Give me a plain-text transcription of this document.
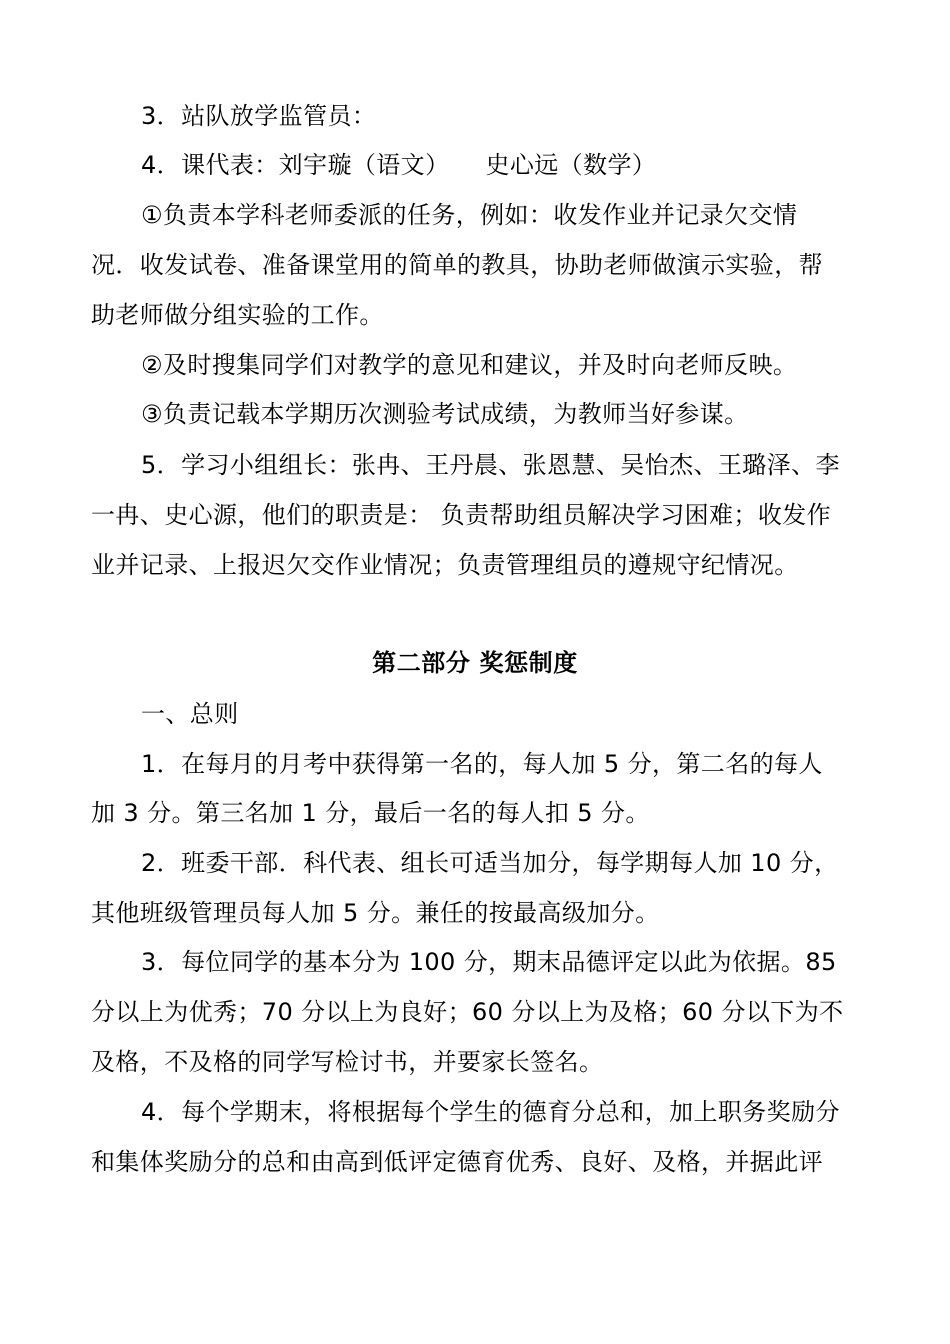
3．站队放学监管员：
4．课代表：刘宇璇（语文） 史心远（数学）
①负责本学科老师委派的任务，例如：收发作业并记录欠交情
况．收发试卷、准备课堂用的简单的教具，协助老师做演示实验，帮
助老师做分组实验的工作。
②及时搜集同学们对教学的意见和建议，并及时向老师反映。
③负责记载本学期历次测验考试成绩，为教师当好参谋。
5．学习小组组长：张冉、王丹晨、张恩慧、吴怡杰、王璐泽、李
一冉、史心源，他们的职责是： 负责帮助组员解决学习困难；收发作
业并记录、上报迟欠交作业情况；负责管理组员的遵规守纪情况。
第二部分 奖惩制度
一、总则
1．在每月的月考中获得第一名的，每人加 5 分，第二名的每人
加 3 分。第三名加 1 分，最后一名的每人扣 5 分。
2．班委干部．科代表、组长可适当加分，每学期每人加 10 分，
其他班级管理员每人加 5 分。兼任的按最高级加分。
3．每位同学的基本分为 100 分，期末品德评定以此为依据。85
分以上为优秀；70 分以上为良好；60 分以上为及格；60 分以下为不
及格，不及格的同学写检讨书，并要家长签名。
4．每个学期末，将根据每个学生的德育分总和，加上职务奖励分
和集体奖励分的总和由高到低评定德育优秀、良好、及格，并据此评
